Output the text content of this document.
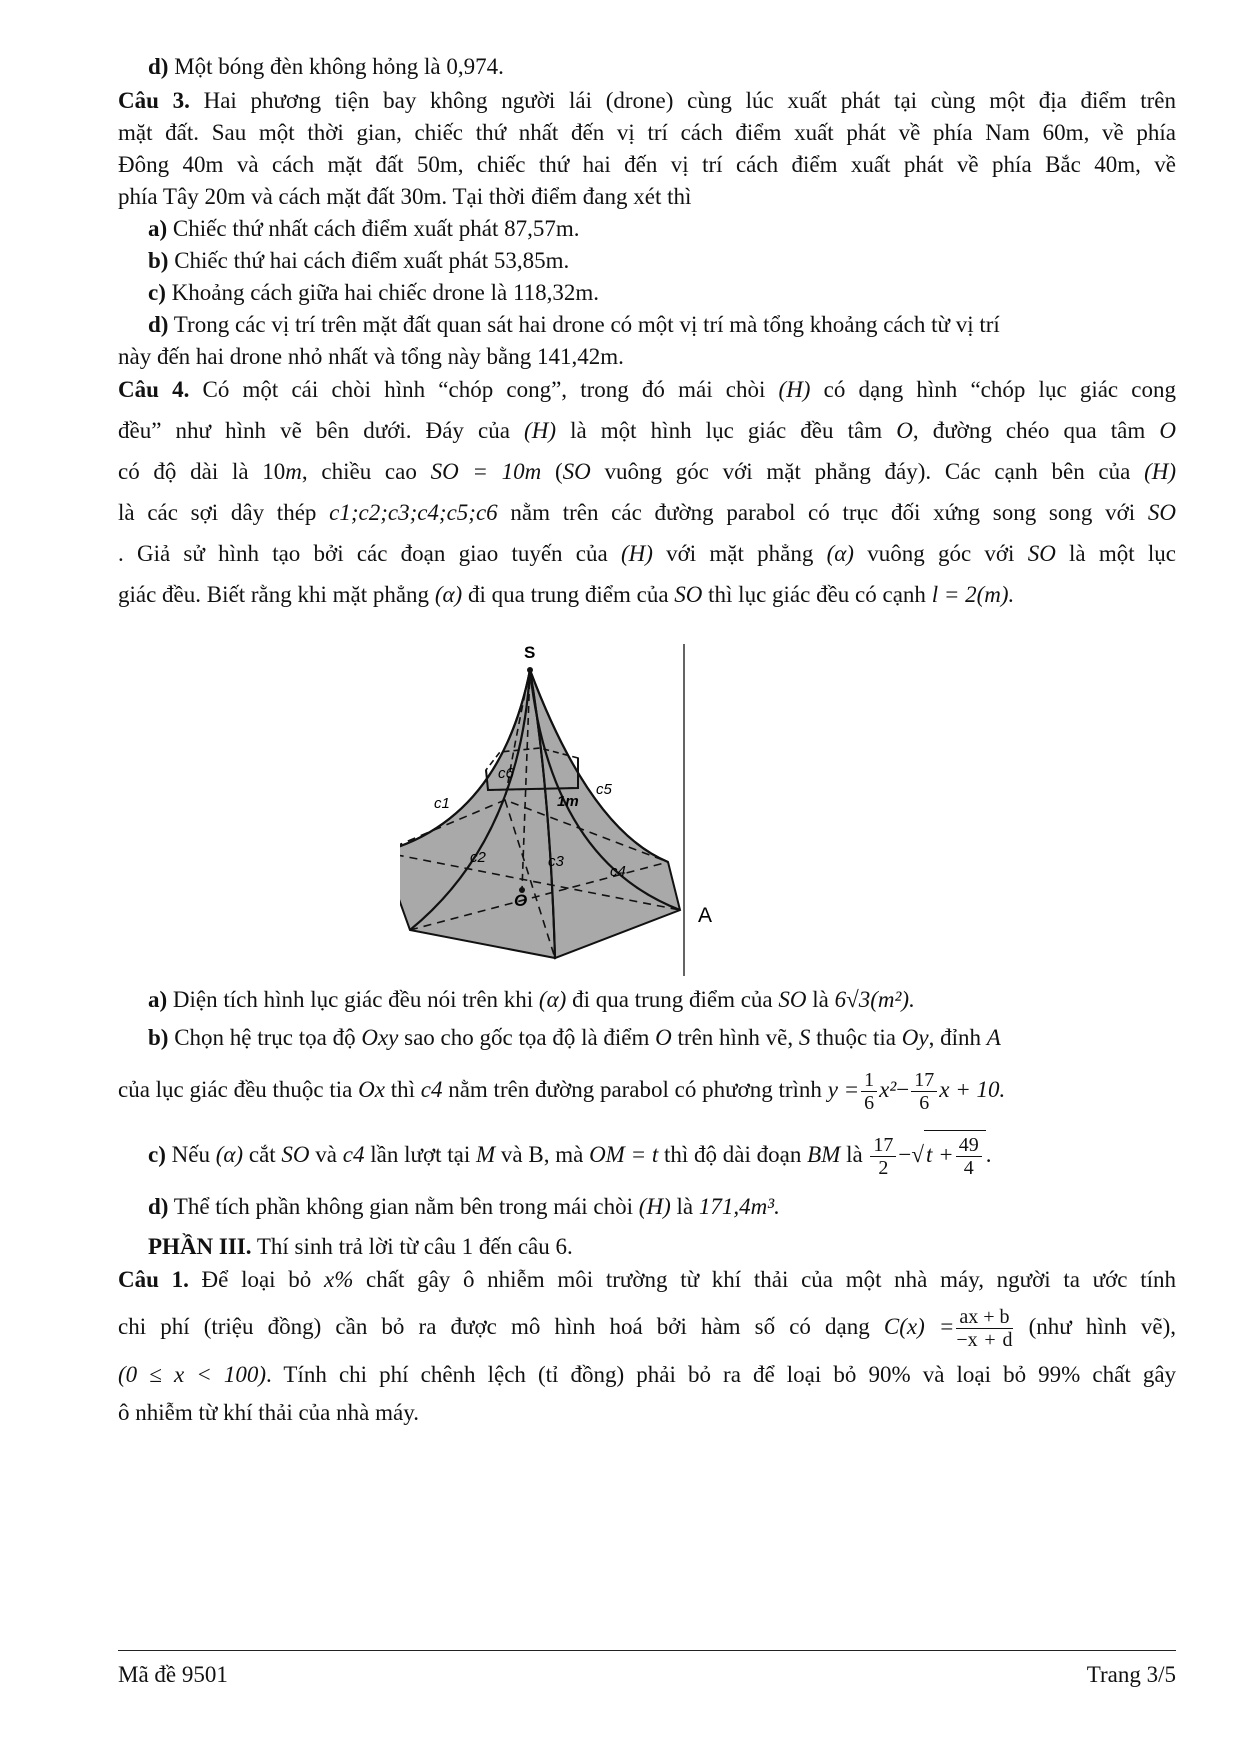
d) Một bóng đèn không hỏng là 0,974.
Câu 3. Hai phương tiện bay không người lái (drone) cùng lúc xuất phát tại cùng một địa điểm trên
mặt đất. Sau một thời gian, chiếc thứ nhất đến vị trí cách điểm xuất phát về phía Nam 60m, về phía
Đông 40m và cách mặt đất 50m, chiếc thứ hai đến vị trí cách điểm xuất phát về phía Bắc 40m, về
phía Tây 20m và cách mặt đất 30m. Tại thời điểm đang xét thì
a) Chiếc thứ nhất cách điểm xuất phát 87,57m.
b) Chiếc thứ hai cách điểm xuất phát 53,85m.
c) Khoảng cách giữa hai chiếc drone là 118,32m.
d) Trong các vị trí trên mặt đất quan sát hai drone có một vị trí mà tổng khoảng cách từ vị trí
này đến hai drone nhỏ nhất và tổng này bằng 141,42m.
Câu 4. Có một cái chòi hình “chóp cong”, trong đó mái chòi (H) có dạng hình “chóp lục giác cong
đều” như hình vẽ bên dưới. Đáy của (H) là một hình lục giác đều tâm O, đường chéo qua tâm O
có độ dài là 10m, chiều cao SO = 10m (SO vuông góc với mặt phẳng đáy). Các cạnh bên của (H)
là các sợi dây thép c1;c2;c3;c4;c5;c6 nằm trên các đường parabol có trục đối xứng song song với SO
. Giả sử hình tạo bởi các đoạn giao tuyến của (H) với mặt phẳng (α) vuông góc với SO là một lục
giác đều. Biết rằng khi mặt phẳng (α) đi qua trung điểm của SO thì lục giác đều có cạnh l = 2(m).
S
O
A
c1
c2	c3
c4
c5
c6
1m
a) Diện tích hình lục giác đều nói trên khi (α) đi qua trung điểm của SO là 6√3(m²).
b) Chọn hệ trục tọa độ Oxy sao cho gốc tọa độ là điểm O trên hình vẽ, S thuộc tia Oy, đỉnh A
của lục giác đều thuộc tia Ox thì c4 nằm trên đường parabol có phương trình $y = \frac{1}{6} x^2- \frac{17}{6}$ x + 10.
c) Nếu (α) cắt SO và c4 lần lượt tại M và B, mà OM = t thì độ dài đoạn BM là $\frac{17}{2} -√t + \frac{49}{4}$ .
d) Thể tích phần không gian nằm bên trong mái chòi (H) là 171,4m³.
PHẦN III. Thí sinh trả lời từ câu 1 đến câu 6.
Câu 1. Để loại bỏ x% chất gây ô nhiễm môi trường từ khí thải của một nhà máy, người ta ước tính
chi phí (triệu đồng) cần bỏ ra được mô hình hoá bởi hàm số có dạng $C(x) = \frac{ax + b}{-x + d}$ (như hình vẽ),
(0 ≤ x < 100). Tính chi phí chênh lệch (tỉ đồng) phải bỏ ra để loại bỏ 90% và loại bỏ 99% chất gây
ô nhiễm từ khí thải của nhà máy.
Mã đề 9501	Trang 3/5
